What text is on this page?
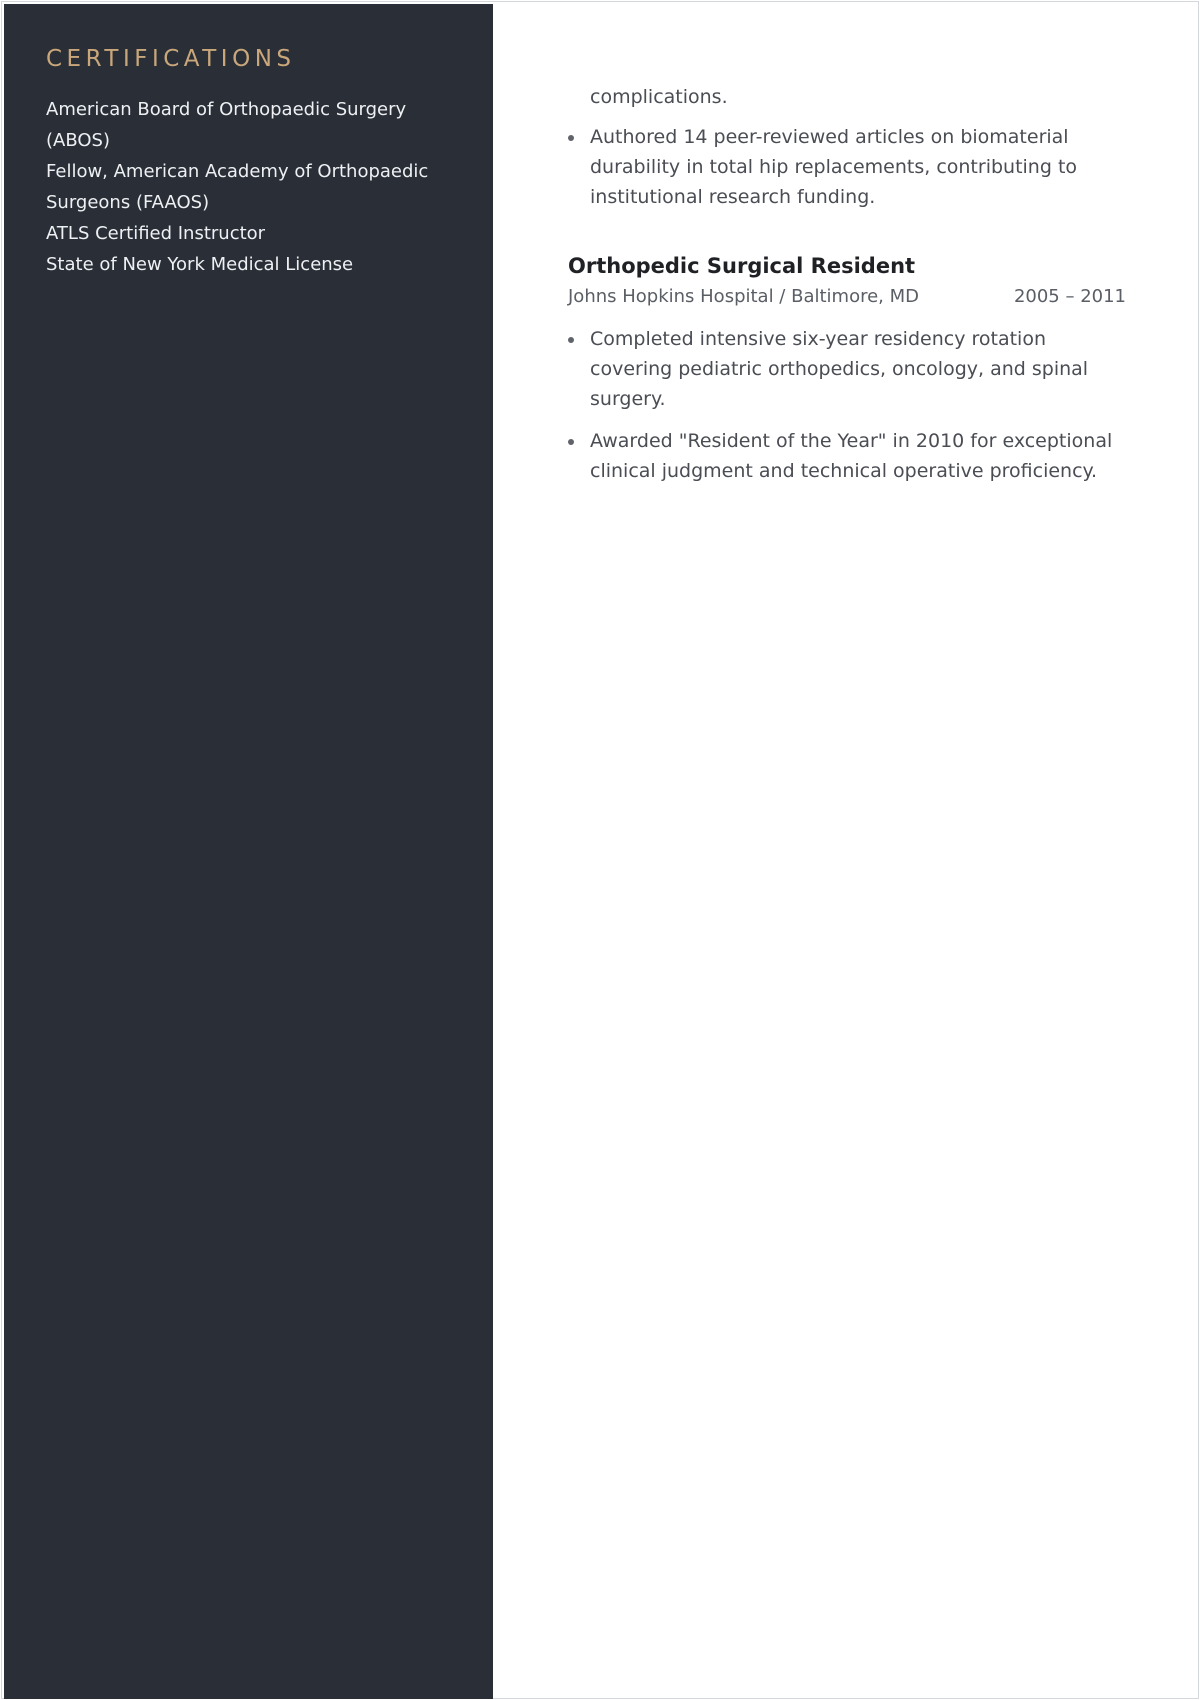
CERTIFICATIONS
American Board of Orthopaedic Surgery (ABOS)
Fellow, American Academy of Orthopaedic Surgeons (FAAOS)
ATLS Certified Instructor
State of New York Medical License
complications.
Authored 14 peer-reviewed articles on biomaterial durability in total hip replacements, contributing to institutional research funding.
Orthopedic Surgical Resident
Johns Hopkins Hospital / Baltimore, MD	2005 – 2011
Completed intensive six-year residency rotation covering pediatric orthopedics, oncology, and spinal surgery.
Awarded "Resident of the Year" in 2010 for exceptional clinical judgment and technical operative proficiency.
